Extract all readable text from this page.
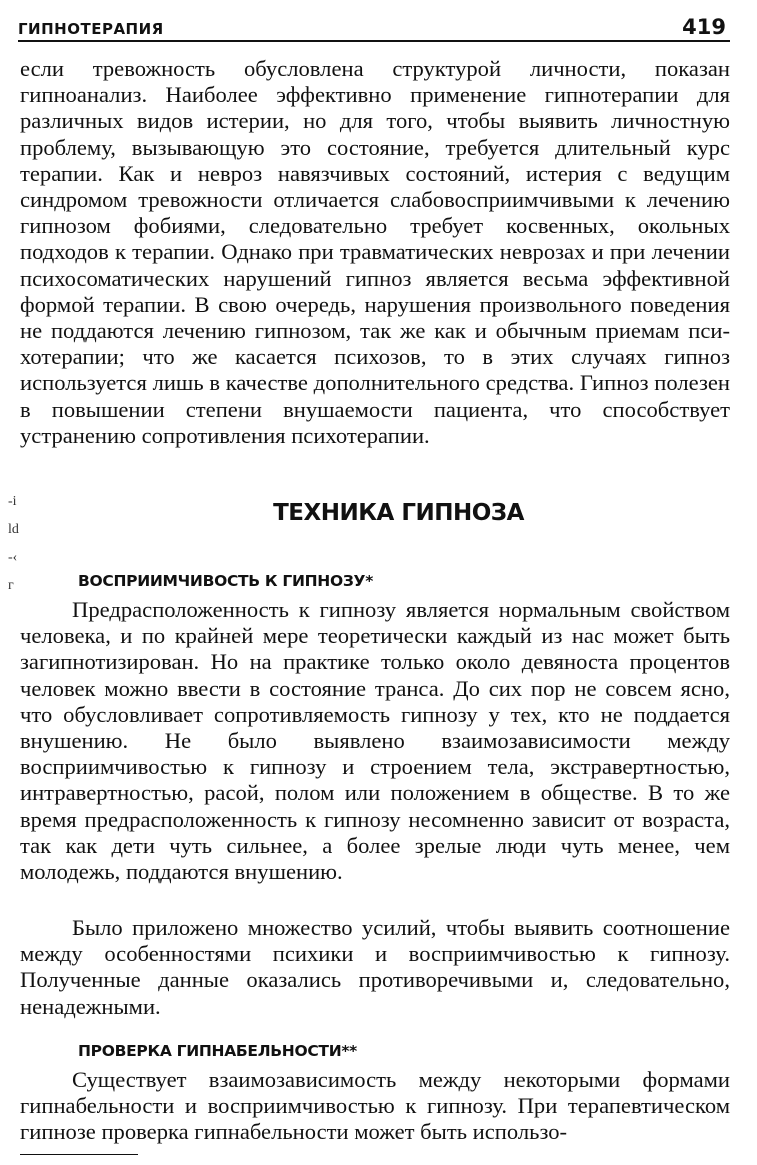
ГИПНОТЕРАПИЯ	419

если тревожность обусловлена структурой личности, показан гипноанализ. Наиболее эффективно применение гипнотерапии для различных видов истерии, но для того, чтобы выявить личностную проблему, вызывающую это состояние, требуется длительный курс терапии. Как и невроз навязчивых состояний, истерия с ведущим синдромом тревожности отличается слабовосприимчивыми к лечению гипнозом фобиями, следовательно требует косвенных, окольных подходов к терапии. Однако при травматических неврозах и при лечении психосоматических нарушений гипноз является весьма эффективной формой терапии. В свою очередь, нарушения произвольного поведения не поддаются лечению гипнозом, так же как и обычным приемам психотерапии; что же касается психозов, то в этих случаях гипноз используется лишь в качестве дополнительного средства. Гипноз полезен в повышении степени внушаемости пациента, что способствует устранению сопротивления психотерапии.

-i
ld
-‹
г
ТЕХНИКА ГИПНОЗА
ВОСПРИИМЧИВОСТЬ К ГИПНОЗУ*

Предрасположенность к гипнозу является нормальным свойством человека, и по крайней мере теоретически каждый из нас может быть загипнотизирован. Но на практике только около девяноста процентов человек можно ввести в состояние транса. До сих пор не совсем ясно, что обусловливает сопротивляемость гипнозу у тех, кто не поддается внушению. Не было выявлено взаимозависимости между восприимчивостью к гипнозу и строением тела, экстравертностью, интравертностью, расой, полом или положением в обществе. В то же время предрасположенность к гипнозу несомненно зависит от возраста, так как дети чуть сильнее, а более зрелые люди чуть менее, чем молодежь, поддаются внушению.

Было приложено множество усилий, чтобы выявить соотношение между особенностями психики и восприимчивостью к гипнозу. Полученные данные оказались противоречивыми и, следовательно, ненадежными.

ПРОВЕРКА ГИПНАБЕЛЬНОСТИ**

Существует взаимозависимость между некоторыми формами гипнабельности и восприимчивостью к гипнозу. При терапевтическом гипнозе проверка гипнабельности может быть использо-
